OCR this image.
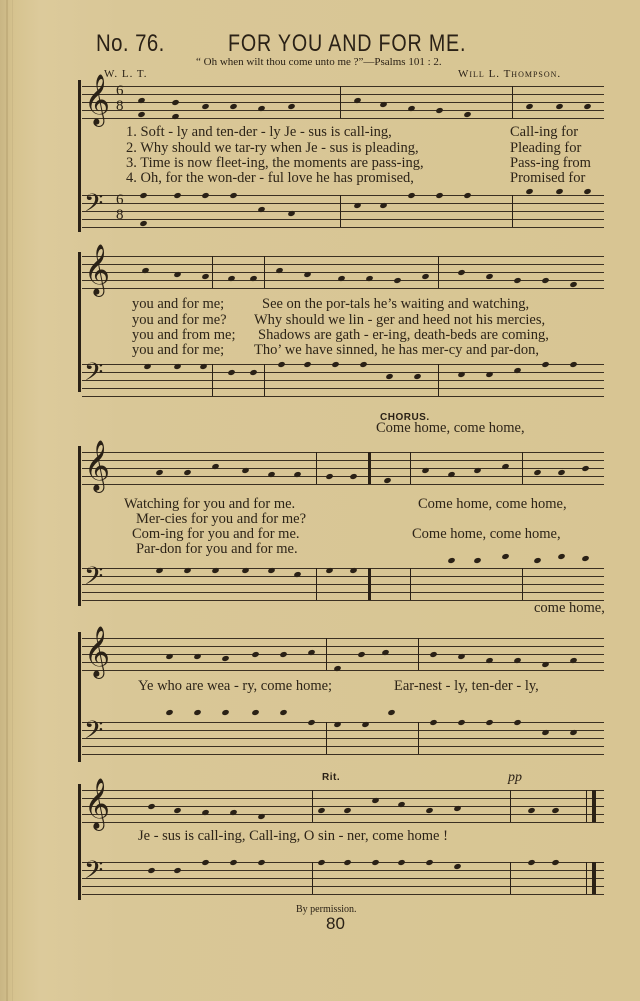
No. 76.	FOR YOU AND FOR ME.
“ Oh when wilt thou come unto me ?”—Psalms 101 : 2.
W. L. T.	Will L. Thompson.
𝄞 6
8
1. Soft - ly and ten-der - ly Je - sus is call-ing,	Call-ing for
2. Why should we tar-ry when Je - sus is pleading,	Pleading for
3. Time is now fleet-ing, the moments are pass-ing,	Pass-ing from
4. Oh, for the won-der - ful love he has promised,	Promised for
𝄢 6
8
𝄞
you and for me;	See on the por-tals he’s waiting and watching,
you and for me? Why should we lin - ger and heed not his mercies,
you and from me; Shadows are gath - er-ing, death-beds are coming,
you and for me; Tho’ we have sinned, he has mer-cy and par-don,
𝄢
CHORUS.
Come home, come home,
𝄞
Watching for you and for me.	Come home, come home,
Mer-cies for you and for me?
Com-ing for you and for me.	Come home, come home,
Par-don for you and for me.
𝄢
come home,
𝄞
Ye who are wea - ry, come home;	Ear-nest - ly, ten-der - ly,
𝄢
Rit.	pp
𝄞
Je - sus is call-ing, Call-ing, O sin - ner, come home !
𝄢
By permission.
80
